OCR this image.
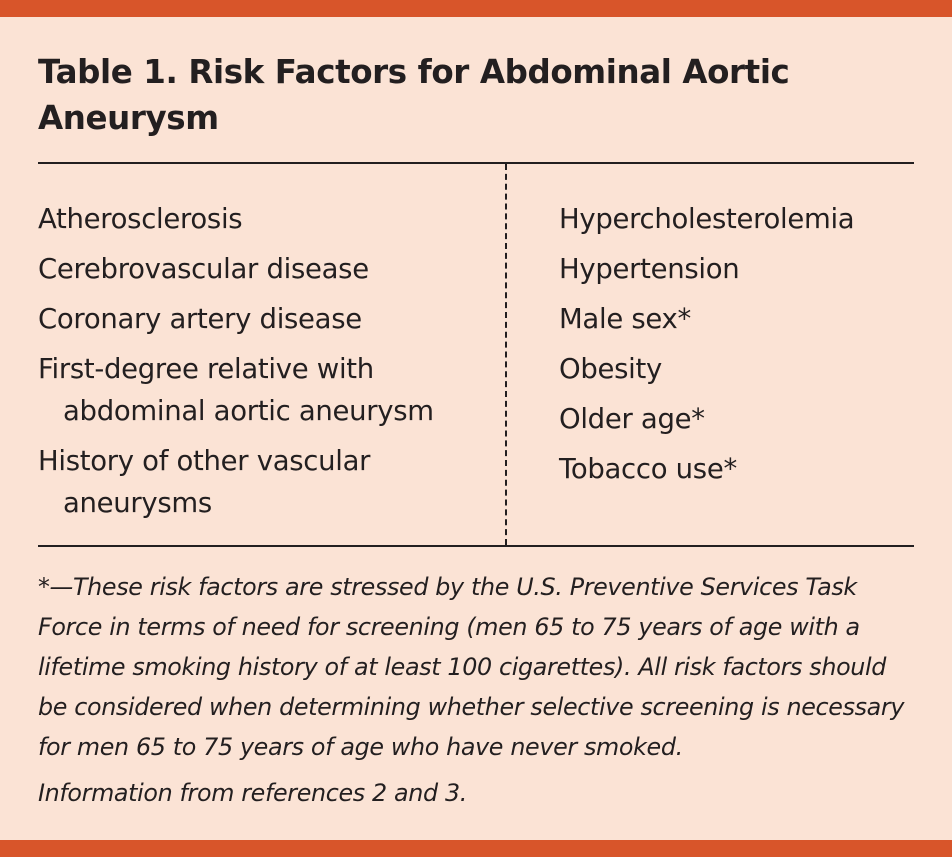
Table 1. Risk Factors for Abdominal Aortic Aneurysm
Atherosclerosis
Cerebrovascular disease
Coronary artery disease
First-degree relative with abdominal aortic aneurysm
History of other vascular aneurysms
Hypercholesterolemia
Hypertension
Male sex*
Obesity
Older age*
Tobacco use*

*—These risk factors are stressed by the U.S. Preventive Services Task Force in terms of need for screening (men 65 to 75 years of age with a lifetime smoking history of at least 100 cigarettes). All risk factors should be considered when determining whether selective screening is necessary for men 65 to 75 years of age who have never smoked.

Information from references 2 and 3.
